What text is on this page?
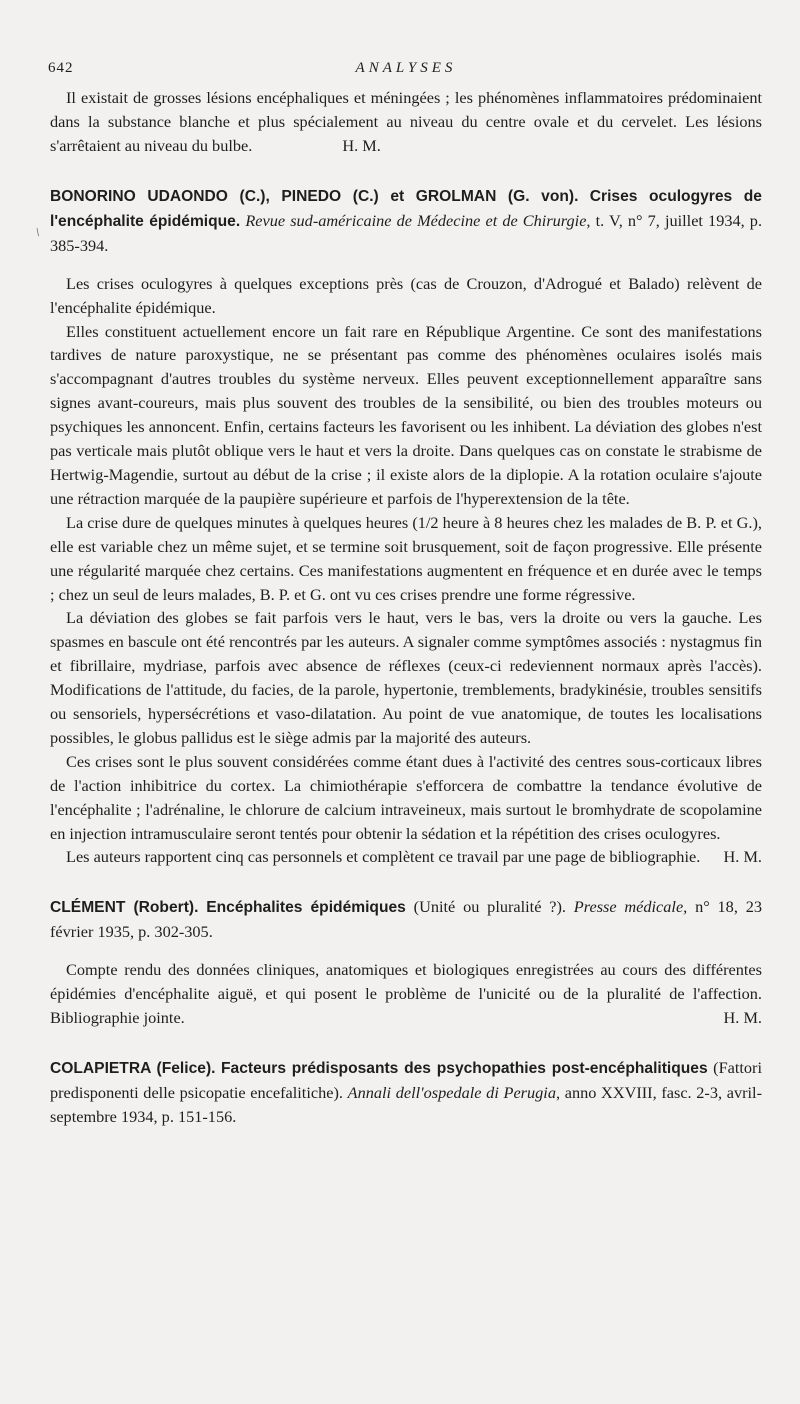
642	ANALYSES

Il existait de grosses lésions encéphaliques et méningées ; les phénomènes inflammatoires prédominaient dans la substance blanche et plus spécialement au niveau du centre ovale et du cervelet. Les lésions s'arrêtaient au niveau du bulbe.	H. M.

/
BONORINO UDAONDO (C.), PINEDO (C.) et GROLMAN (G. von). Crises oculogyres de l'encéphalite épidémique. Revue sud-américaine de Médecine et de Chirurgie, t. V, n° 7, juillet 1934, p. 385-394.

Les crises oculogyres à quelques exceptions près (cas de Crouzon, d'Adrogué et Balado) relèvent de l'encéphalite épidémique.

Elles constituent actuellement encore un fait rare en République Argentine. Ce sont des manifestations tardives de nature paroxystique, ne se présentant pas comme des phénomènes oculaires isolés mais s'accompagnant d'autres troubles du système nerveux. Elles peuvent exceptionnellement apparaître sans signes avant-coureurs, mais plus souvent des troubles de la sensibilité, ou bien des troubles moteurs ou psychiques les annoncent. Enfin, certains facteurs les favorisent ou les inhibent. La déviation des globes n'est pas verticale mais plutôt oblique vers le haut et vers la droite. Dans quelques cas on constate le strabisme de Hertwig-Magendie, surtout au début de la crise ; il existe alors de la diplopie. A la rotation oculaire s'ajoute une rétraction marquée de la paupière supérieure et parfois de l'hyperextension de la tête.

La crise dure de quelques minutes à quelques heures (1/2 heure à 8 heures chez les malades de B. P. et G.), elle est variable chez un même sujet, et se termine soit brusquement, soit de façon progressive. Elle présente une régularité marquée chez certains. Ces manifestations augmentent en fréquence et en durée avec le temps ; chez un seul de leurs malades, B. P. et G. ont vu ces crises prendre une forme régressive.

La déviation des globes se fait parfois vers le haut, vers le bas, vers la droite ou vers la gauche. Les spasmes en bascule ont été rencontrés par les auteurs. A signaler comme symptômes associés : nystagmus fin et fibrillaire, mydriase, parfois avec absence de réflexes (ceux-ci redeviennent normaux après l'accès). Modifications de l'attitude, du facies, de la parole, hypertonie, tremblements, bradykinésie, troubles sensitifs ou sensoriels, hypersécrétions et vaso-dilatation. Au point de vue anatomique, de toutes les localisations possibles, le globus pallidus est le siège admis par la majorité des auteurs.

Ces crises sont le plus souvent considérées comme étant dues à l'activité des centres sous-corticaux libres de l'action inhibitrice du cortex. La chimiothérapie s'efforcera de combattre la tendance évolutive de l'encéphalite ; l'adrénaline, le chlorure de calcium intraveineux, mais surtout le bromhydrate de scopolamine en injection intramusculaire seront tentés pour obtenir la sédation et la répétition des crises oculogyres.

Les auteurs rapportent cinq cas personnels et complètent ce travail par une page de bibliographie.	H. M.

CLÉMENT (Robert). Encéphalites épidémiques (Unité ou pluralité ?). Presse médicale, n° 18, 23 février 1935, p. 302-305.

Compte rendu des données cliniques, anatomiques et biologiques enregistrées au cours des différentes épidémies d'encéphalite aiguë, et qui posent le problème de l'unicité ou de la pluralité de l'affection. Bibliographie jointe.	H. M.

COLAPIETRA (Felice). Facteurs prédisposants des psychopathies post-encéphalitiques (Fattori predisponenti delle psicopatie encefalitiche). Annali dell'ospedale di Perugia, anno XXVIII, fasc. 2-3, avril-septembre 1934, p. 151-156.
